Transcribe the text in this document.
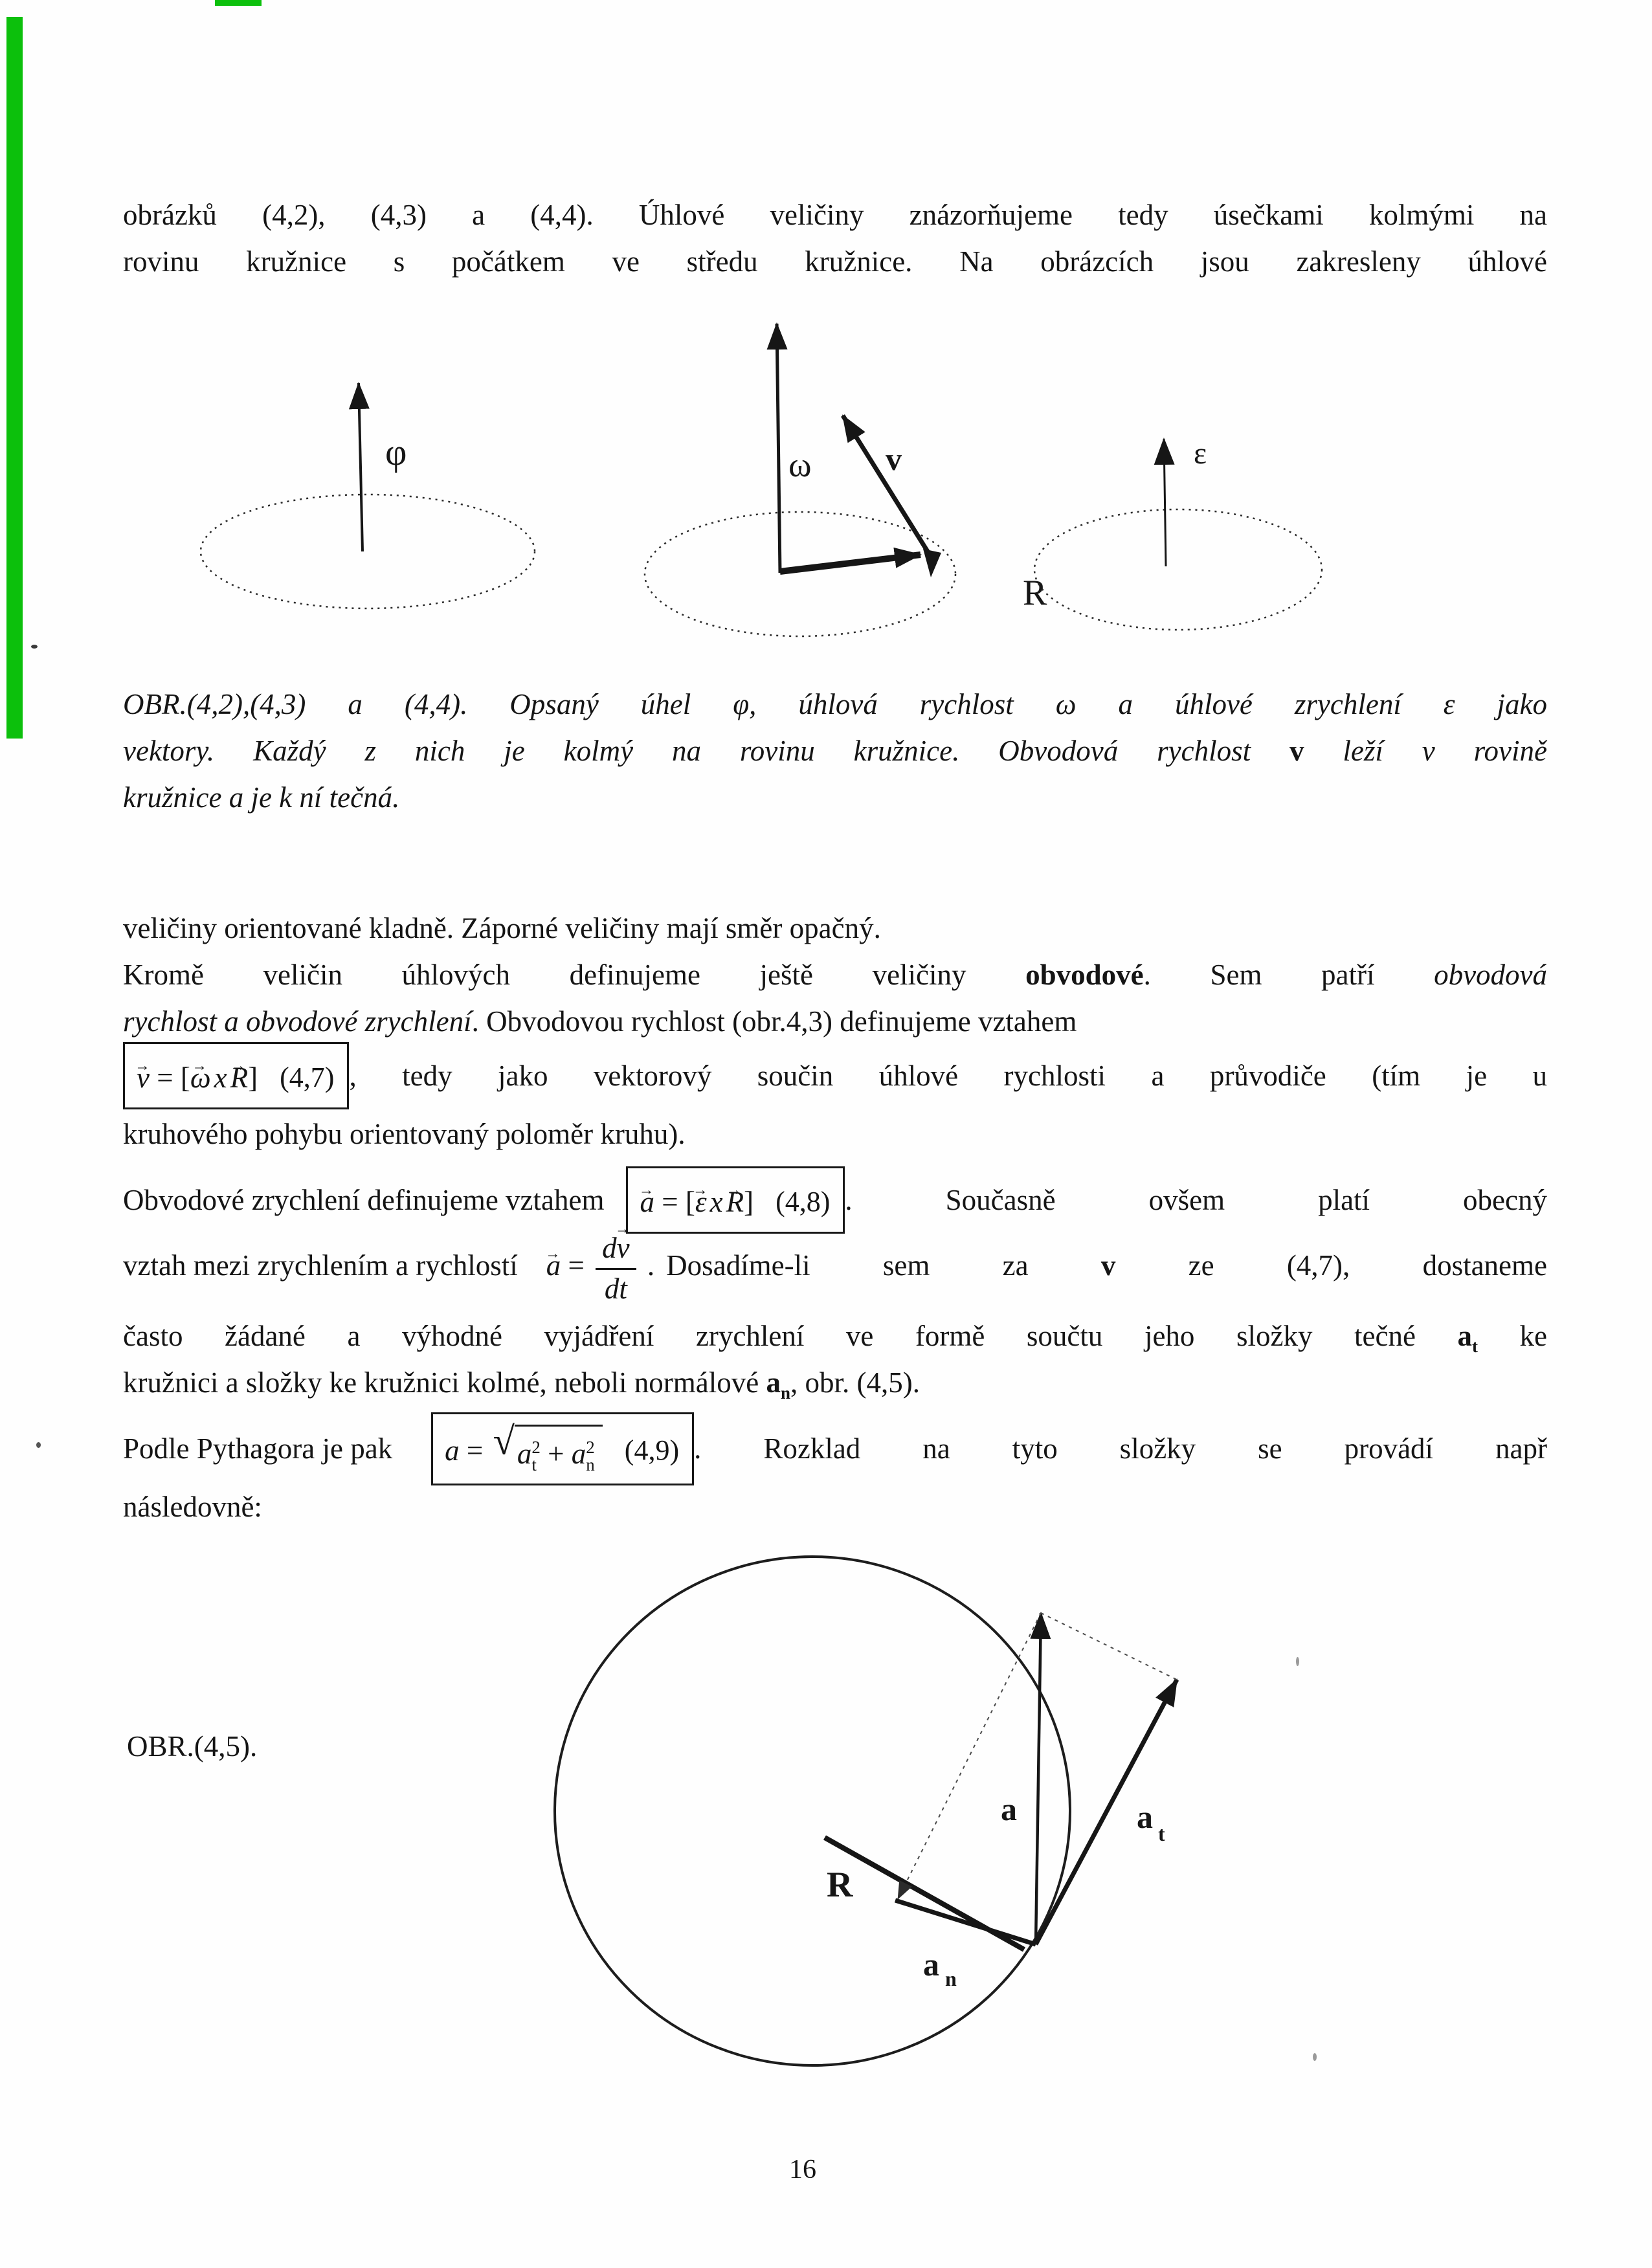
obrázků (4,2), (4,3) a (4,4). Úhlové veličiny znázorňujeme tedy úsečkami kolmými na
rovinu kružnice s počátkem ve středu kružnice. Na obrázcích jsou zakresleny úhlové
φ	ω v
R
ε
OBR.(4,2),(4,3) a (4,4). Opsaný úhel φ, úhlová rychlost ω a úhlové zrychlení ε jako
vektory. Každý z nich je kolmý na rovinu kružnice. Obvodová rychlost v leží v rovině
kružnice a je k ní tečná.
veličiny orientované kladně. Záporné veličiny mají směr opačný.
Kromě veličin úhlových definujeme ještě veličiny obvodové. Sem patří obvodová
rychlost a obvodové zrychlení. Obvodovou rychlost (obr.4,3) definujeme vztahem
v → = [ ω → x R → ] (4,7) , tedy jako vektorový součin úhlové rychlosti a průvodiče (tím je u
kruhového pohybu orientovaný poloměr kruhu).
Obvodové zrychlení definujeme vztahem a → = [ ε → x R → ] (4,8) . Současně ovšem platí obecný
vztah mezi zrychlením a rychlostí a → = $\frac{dv \to}{dt}$ . Dosadíme-li sem za v ze (4,7), dostaneme
často žádané a výhodné vyjádření zrychlení ve formě součtu jeho složky tečné $a_t$ ke
kružnici a složky ke kružnici kolmé, neboli normálové $a_n$, obr. (4,5).
Podle Pythagora je pak a = √ a 2
t + a 2
n (4,9) . Rozklad na tyto složky se provádí např
následovně:
OBR.(4,5).
a	a t
R
a n
16
